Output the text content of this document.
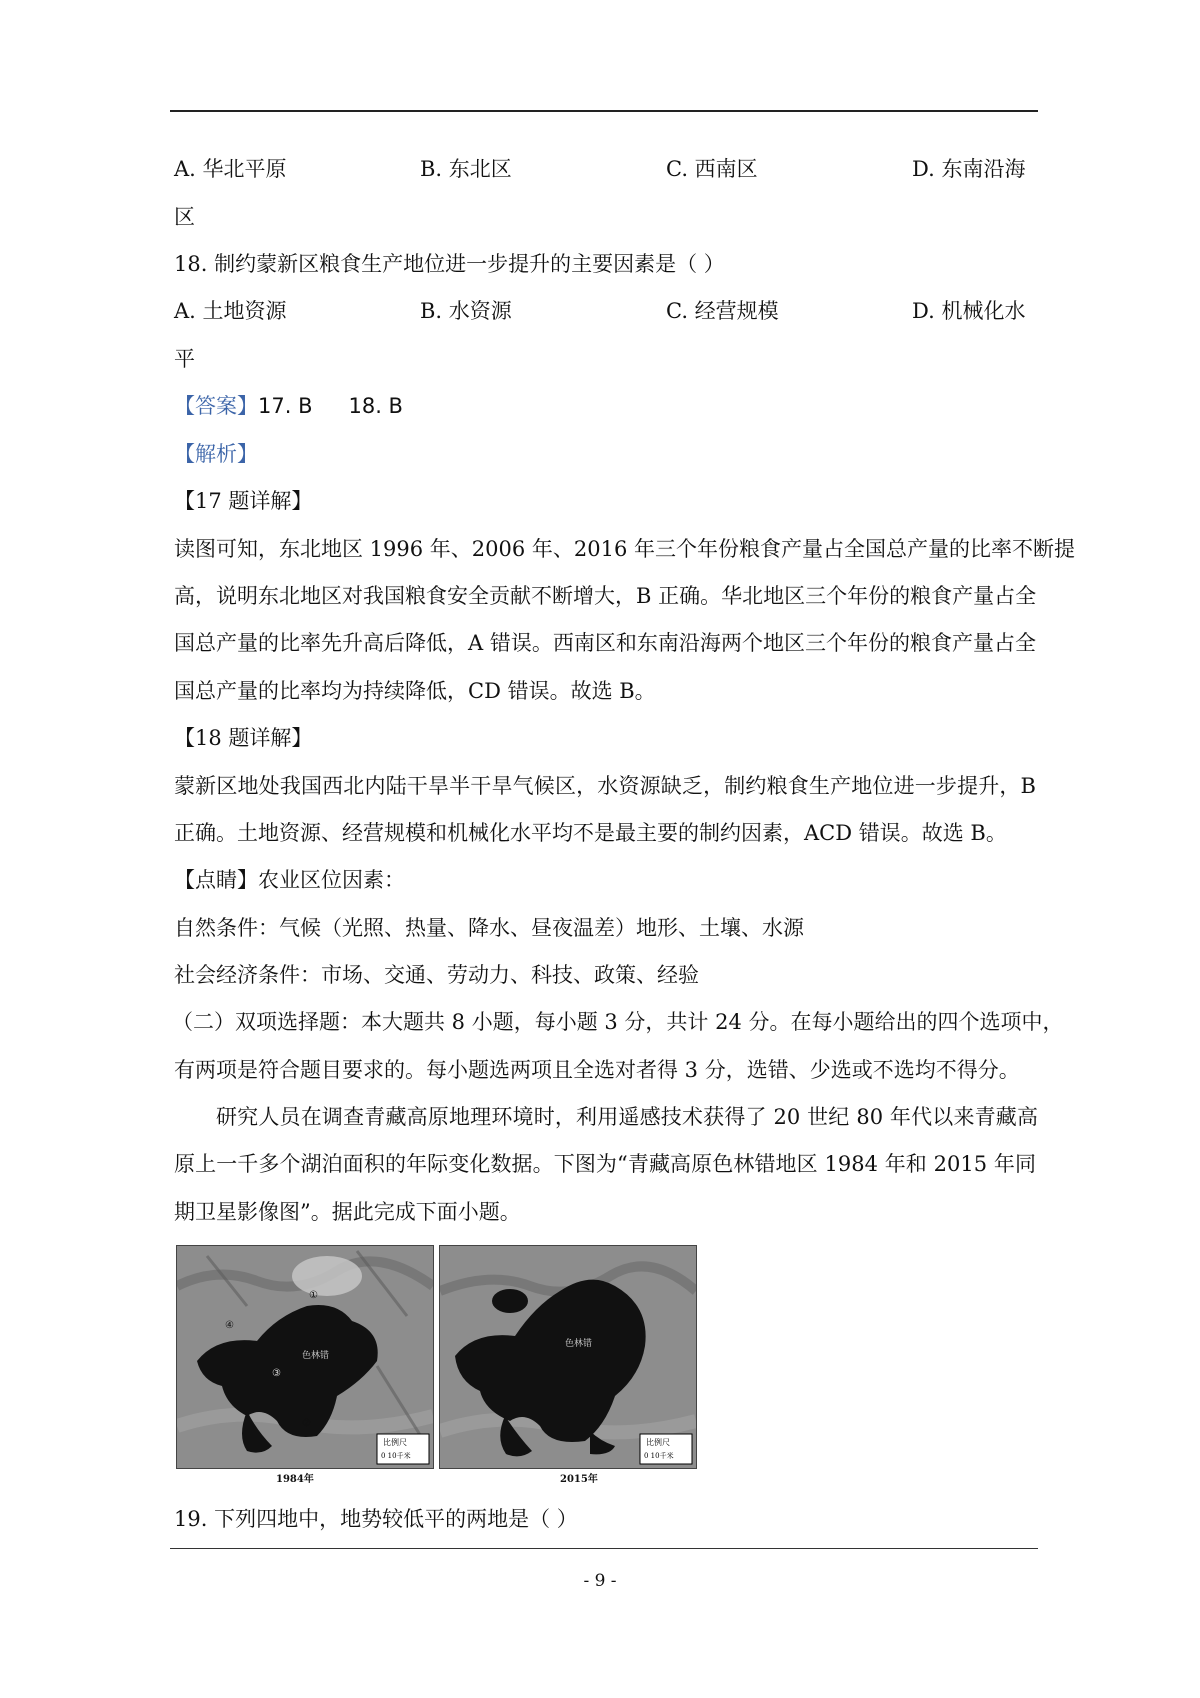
A. 华北平原	B. 东北区	C. 西南区	D. 东南沿海
区
18. 制约蒙新区粮食生产地位进一步提升的主要因素是（ ）
A. 土地资源	B. 水资源	C. 经营规模	D. 机械化水
平
【答案】17. B 18. B
【解析】
【17 题详解】
读图可知，东北地区 1996 年、2006 年、2016 年三个年份粮食产量占全国总产量的比率不断提
高，说明东北地区对我国粮食安全贡献不断增大，B 正确。华北地区三个年份的粮食产量占全
国总产量的比率先升高后降低，A 错误。西南区和东南沿海两个地区三个年份的粮食产量占全
国总产量的比率均为持续降低，CD 错误。故选 B。
【18 题详解】
蒙新区地处我国西北内陆干旱半干旱气候区，水资源缺乏，制约粮食生产地位进一步提升，B
正确。土地资源、经营规模和机械化水平均不是最主要的制约因素，ACD 错误。故选 B。
【点睛】农业区位因素：
自然条件：气候（光照、热量、降水、昼夜温差）地形、土壤、水源
社会经济条件：市场、交通、劳动力、科技、政策、经验
（二）双项选择题：本大题共 8 小题，每小题 3 分，共计 24 分。在每小题给出的四个选项中，
有两项是符合题目要求的。每小题选两项且全选对者得 3 分，选错、少选或不选均不得分。
研究人员在调查青藏高原地理环境时，利用遥感技术获得了 20 世纪 80 年代以来青藏高
原上一千多个湖泊面积的年际变化数据。下图为“青藏高原色林错地区 1984 年和 2015 年同
期卫星影像图”。据此完成下面小题。
色林错
①
②
③
④
比例尺
0 10千米
1984年
色林错
比例尺
0 10千米
2015年
19. 下列四地中，地势较低平的两地是（ ）
- 9 -
